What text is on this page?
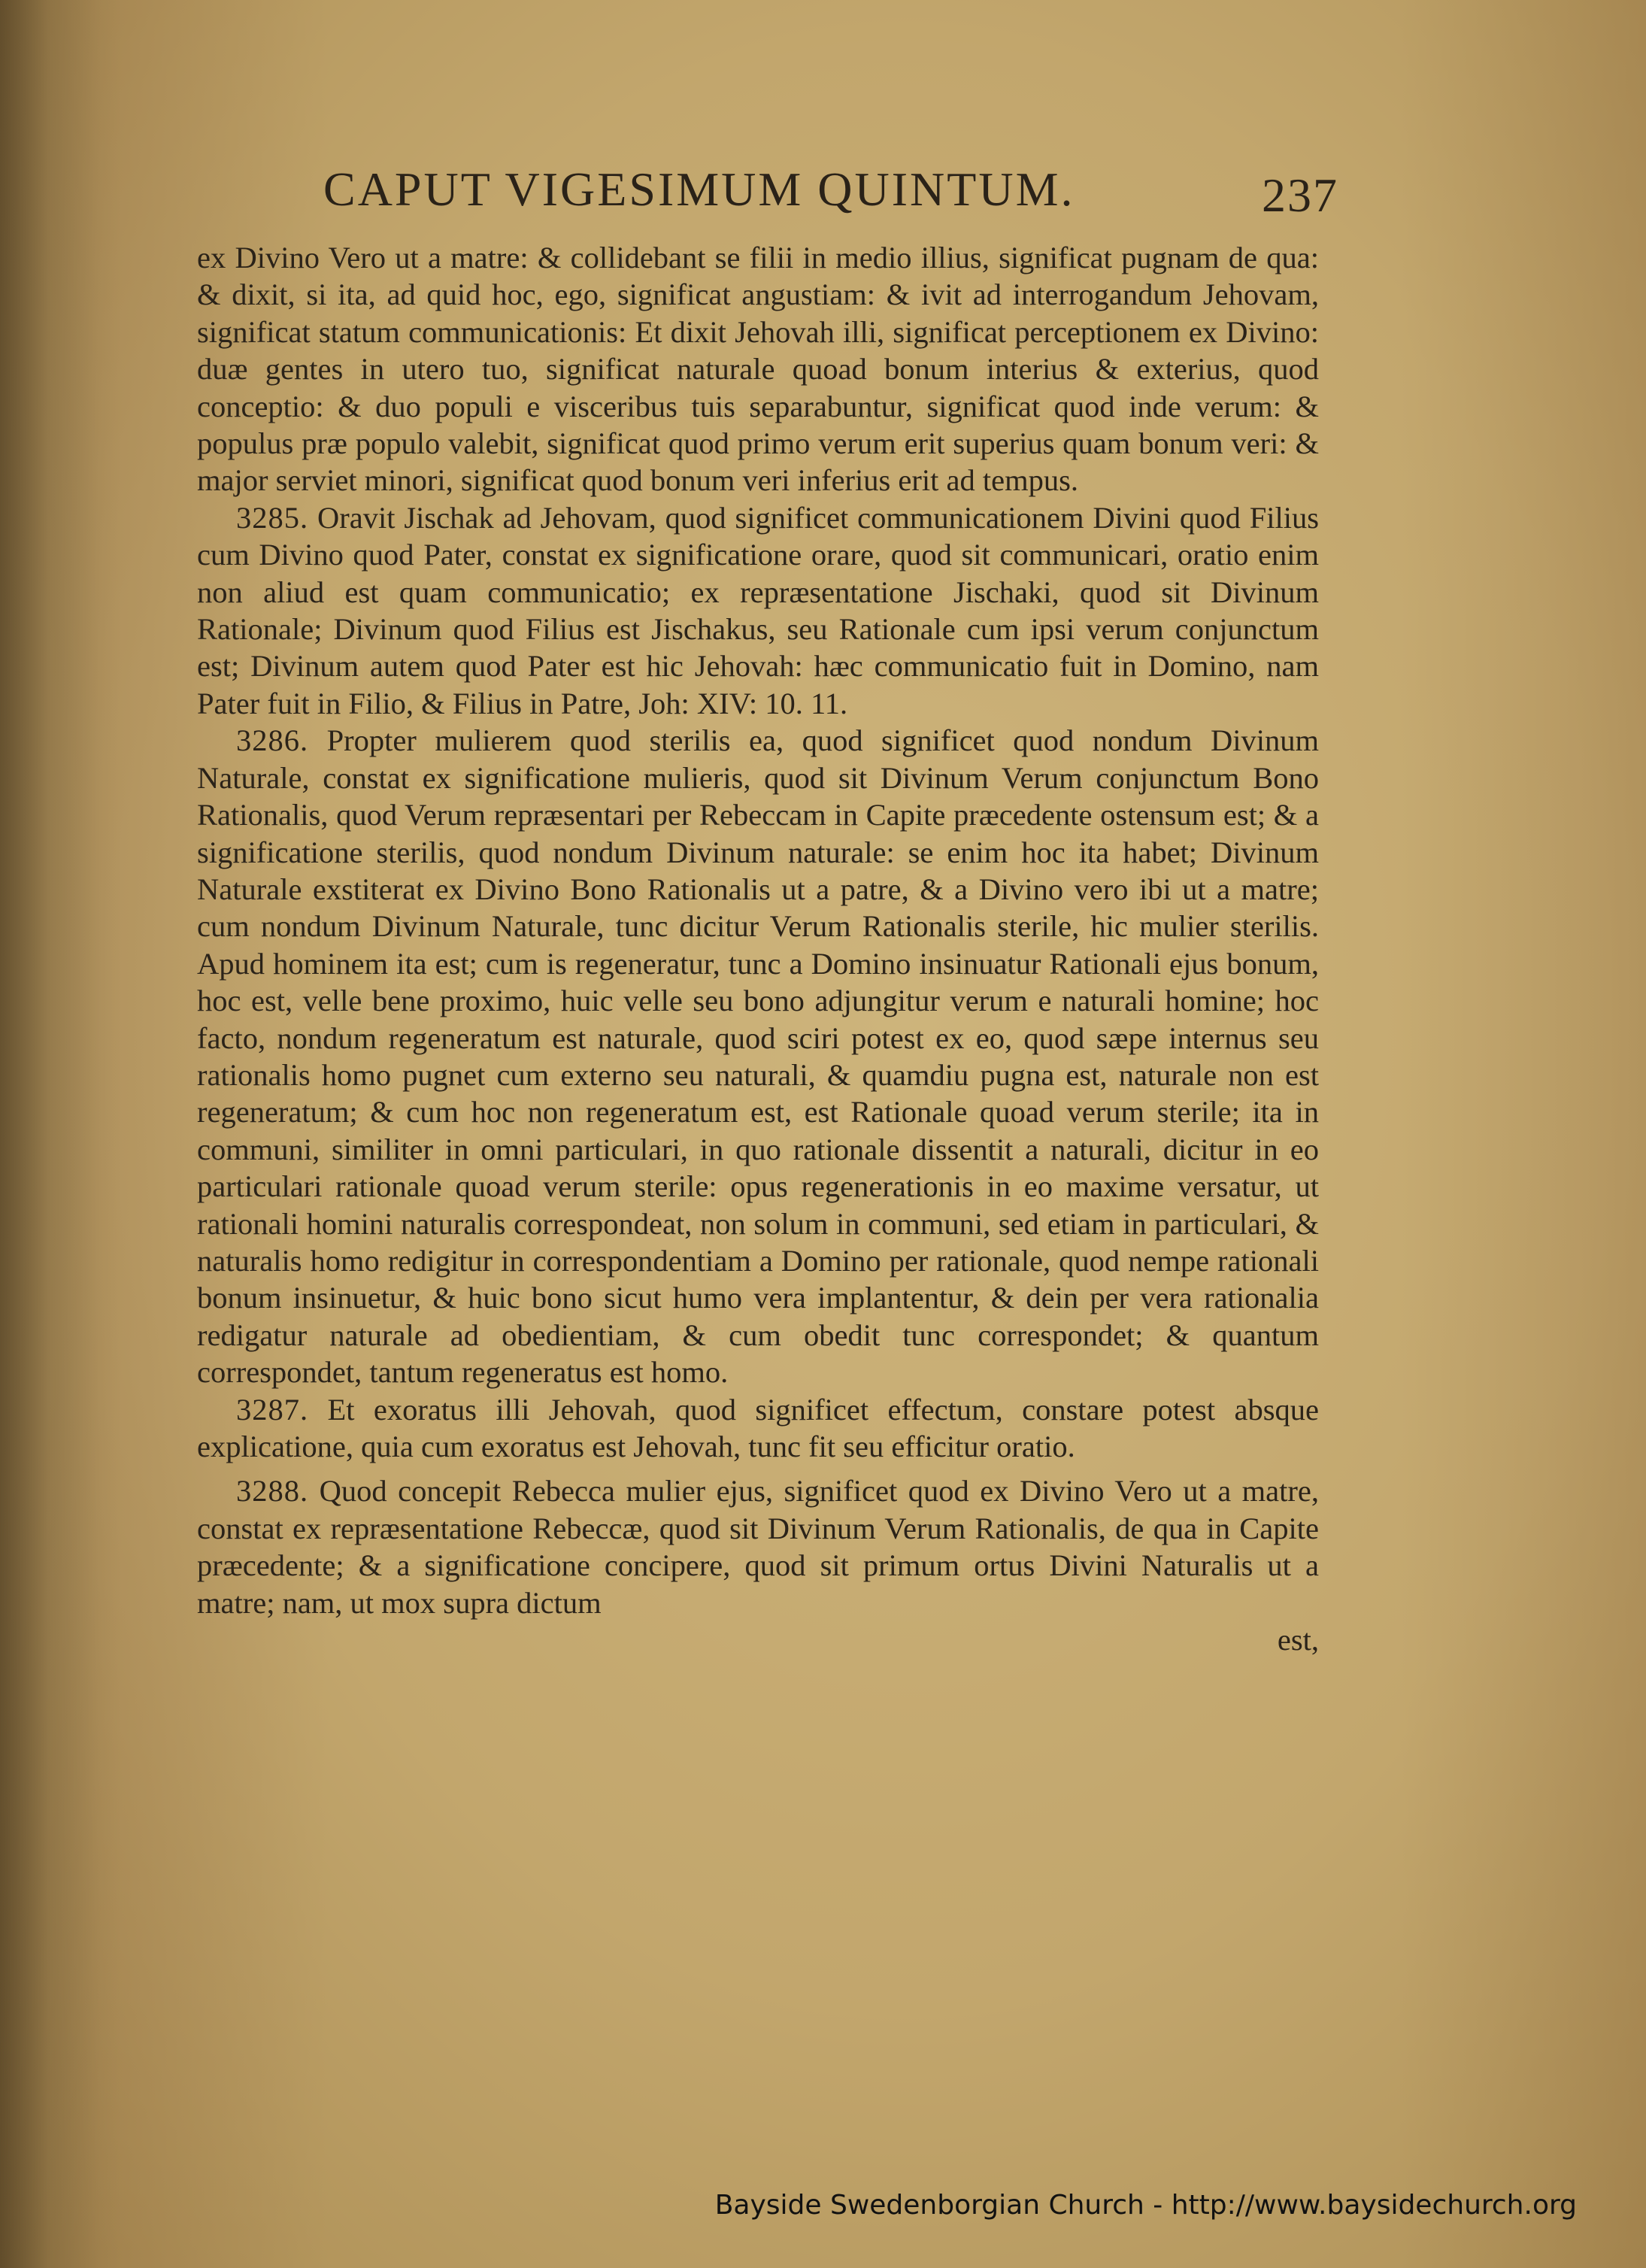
CAPUT VIGESIMUM QUINTUM.	237

ex Divino Vero ut a matre: & collidebant se filii in medio illius, significat pugnam de qua: & dixit, si ita, ad quid hoc, ego, significat angustiam: & ivit ad interrogandum Jehovam, significat statum communicationis: Et dixit Jehovah illi, significat perceptionem ex Divino: duæ gentes in utero tuo, significat naturale quoad bonum interius & exterius, quod conceptio: & duo populi e visceribus tuis separabuntur, significat quod inde verum: & populus præ populo valebit, significat quod primo verum erit superius quam bonum veri: & major serviet minori, significat quod bonum veri inferius erit ad tempus.

3285. Oravit Jischak ad Jehovam, quod significet communicationem Divini quod Filius cum Divino quod Pater, constat ex significatione orare, quod sit communicari, oratio enim non aliud est quam communicatio; ex repræsentatione Jischaki, quod sit Divinum Rationale; Divinum quod Filius est Jischakus, seu Rationale cum ipsi verum conjunctum est; Divinum autem quod Pater est hic Jehovah: hæc communicatio fuit in Domino, nam Pater fuit in Filio, & Filius in Patre, Joh: XIV: 10. 11.

3286. Propter mulierem quod sterilis ea, quod significet quod nondum Divinum Naturale, constat ex significatione mulieris, quod sit Divinum Verum conjunctum Bono Rationalis, quod Verum repræsentari per Rebeccam in Capite præcedente ostensum est; & a significatione sterilis, quod nondum Divinum naturale: se enim hoc ita habet; Divinum Naturale exstiterat ex Divino Bono Rationalis ut a patre, & a Divino vero ibi ut a matre; cum nondum Divinum Naturale, tunc dicitur Verum Rationalis sterile, hic mulier sterilis. Apud hominem ita est; cum is regeneratur, tunc a Domino insinuatur Rationali ejus bonum, hoc est, velle bene proximo, huic velle seu bono adjungitur verum e naturali homine; hoc facto, nondum regeneratum est naturale, quod sciri potest ex eo, quod sæpe internus seu rationalis homo pugnet cum externo seu naturali, & quamdiu pugna est, naturale non est regeneratum; & cum hoc non regeneratum est, est Rationale quoad verum sterile; ita in communi, similiter in omni particulari, in quo rationale dissentit a naturali, dicitur in eo particulari rationale quoad verum sterile: opus regenerationis in eo maxime versatur, ut rationali homini naturalis correspondeat, non solum in communi, sed etiam in particulari, & naturalis homo redigitur in correspondentiam a Domino per rationale, quod nempe rationali bonum insinuetur, & huic bono sicut humo vera implantentur, & dein per vera rationalia redigatur naturale ad obedientiam, & cum obedit tunc correspondet; & quantum correspondet, tantum regeneratus est homo.

3287. Et exoratus illi Jehovah, quod significet effectum, constare potest absque explicatione, quia cum exoratus est Jehovah, tunc fit seu efficitur oratio.

3288. Quod concepit Rebecca mulier ejus, significet quod ex Divino Vero ut a matre, constat ex repræsentatione Rebeccæ, quod sit Divinum Verum Rationalis, de qua in Capite præcedente; & a significatione concipere, quod sit primum ortus Divini Naturalis ut a matre; nam, ut mox supra dictum

est,

Bayside Swedenborgian Church - http://www.baysidechurch.org
